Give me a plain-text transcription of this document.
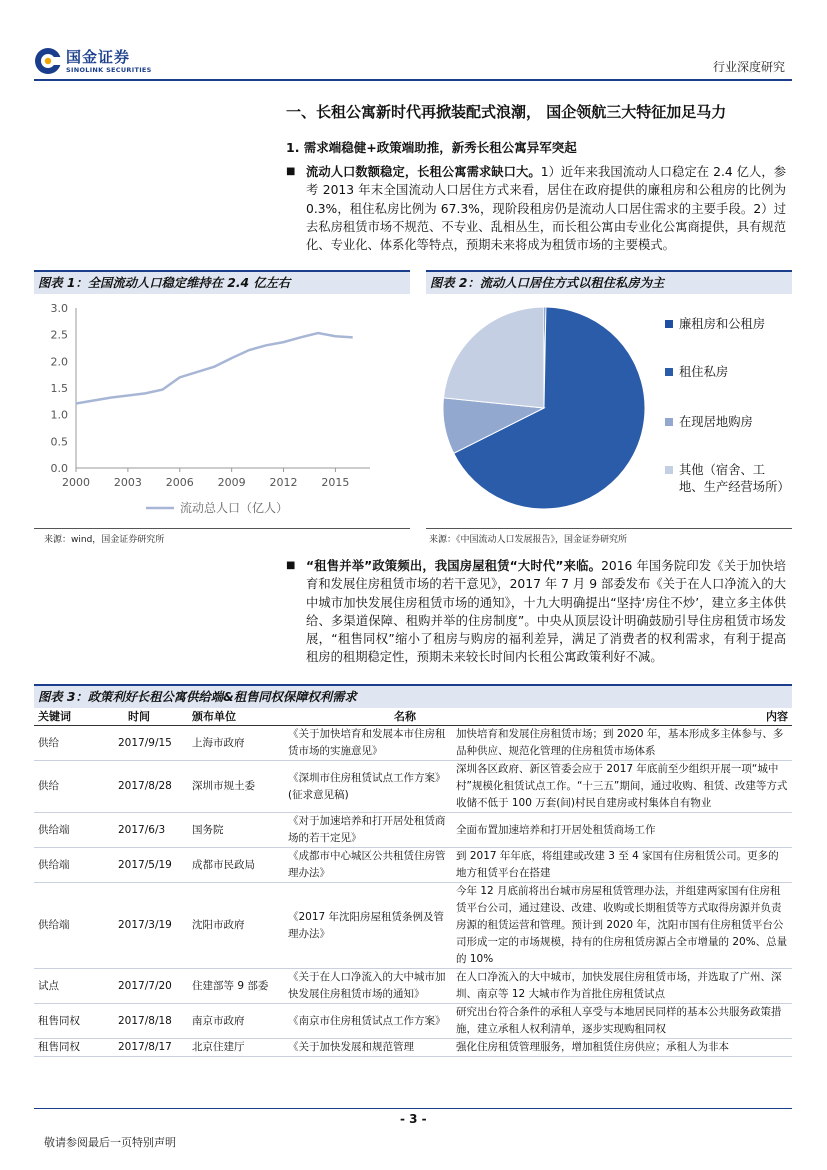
国金证券
SINOLINK SECURITIES	行业深度研究
一、长租公寓新时代再掀装配式浪潮， 国企领航三大特征加足马力
1. 需求端稳健+政策端助推，新秀长租公寓异军突起
■ 流动人口数额稳定，长租公寓需求缺口大。1）近年来我国流动人口稳定在 2.4 亿人，参考 2013 年末全国流动人口居住方式来看，居住在政府提供的廉租房和公租房的比例为 0.3%，租住私房比例为 67.3%，现阶段租房仍是流动人口居住需求的主要手段。2）过去私房租赁市场不规范、不专业、乱相丛生，而长租公寓由专业化公寓商提供，具有规范化、专业化、体系化等特点，预期未来将成为租赁市场的主要模式。
图表 1：全国流动人口稳定维持在 2.4 亿左右
0.0
0.5
1.0
1.5
2.0
2.5
3.0
2000 2003 2006 2009 2012 2015
流动总人口（亿人）
来源：wind，国金证券研究所
图表 2：流动人口居住方式以租住私房为主
廉租房和公租房
租住私房
在现居地购房
其他（宿舍、工地、生产经营场所）
来源：《中国流动人口发展报告》，国金证券研究所
■ “租售并举”政策频出，我国房屋租赁“大时代”来临。2016 年国务院印发《关于加快培育和发展住房租赁市场的若干意见》，2017 年 7 月 9 部委发布《关于在人口净流入的大中城市加快发展住房租赁市场的通知》，十九大明确提出“坚持‘房住不炒’，建立多主体供给、多渠道保障、租购并举的住房制度”。中央从顶层设计明确鼓励引导住房租赁市场发展，“租售同权”缩小了租房与购房的福利差异，满足了消费者的权利需求，有利于提高租房的租期稳定性，预期未来较长时间内长租公寓政策利好不减。
图表 3：政策利好长租公寓供给端&租售同权保障权利需求
关键词	时间	颁布单位	名称	内容
供给	2017/9/15	上海市政府	《关于加快培育和发展本市住房租赁市场的实施意见》	加快培育和发展住房租赁市场；到 2020 年，基本形成多主体参与、多品种供应、规范化管理的住房租赁市场体系
供给	2017/8/28	深圳市规土委	《深圳市住房租赁试点工作方案》(征求意见稿)	深圳各区政府、新区管委会应于 2017 年底前至少组织开展一项“城中村”规模化租赁试点工作。“十三五”期间，通过收购、租赁、改建等方式收储不低于 100 万套(间)村民自建房或村集体自有物业
供给端	2017/6/3	国务院	《对于加速培养和打开居处租赁商场的若干定见》	全面布置加速培养和打开居处租赁商场工作
供给端	2017/5/19	成都市民政局	《成都市中心城区公共租赁住房管理办法》	到 2017 年年底，将组建或改建 3 至 4 家国有住房租赁公司。更多的地方租赁平台在搭建
供给端	2017/3/19	沈阳市政府	《2017 年沈阳房屋租赁条例及管理办法》	今年 12 月底前将出台城市房屋租赁管理办法，并组建两家国有住房租赁平台公司，通过建设、改建、收购或长期租赁等方式取得房源并负责房源的租赁运营和管理。预计到 2020 年，沈阳市国有住房租赁平台公司形成一定的市场规模，持有的住房租赁房源占全市增量的 20%、总量的 10%
试点	2017/7/20	住建部等 9 部委	《关于在人口净流入的大中城市加快发展住房租赁市场的通知》	在人口净流入的大中城市，加快发展住房租赁市场，并选取了广州、深圳、南京等 12 大城市作为首批住房租赁试点
租售同权	2017/8/18	南京市政府	《南京市住房租赁试点工作方案》	研究出台符合条件的承租人享受与本地居民同样的基本公共服务政策措施，建立承租人权利清单，逐步实现购租同权
租售同权	2017/8/17	北京住建厅	《关于加快发展和规范管理	强化住房租赁管理服务，增加租赁住房供应；承租人为非本
- 3 -
敬请参阅最后一页特别声明
